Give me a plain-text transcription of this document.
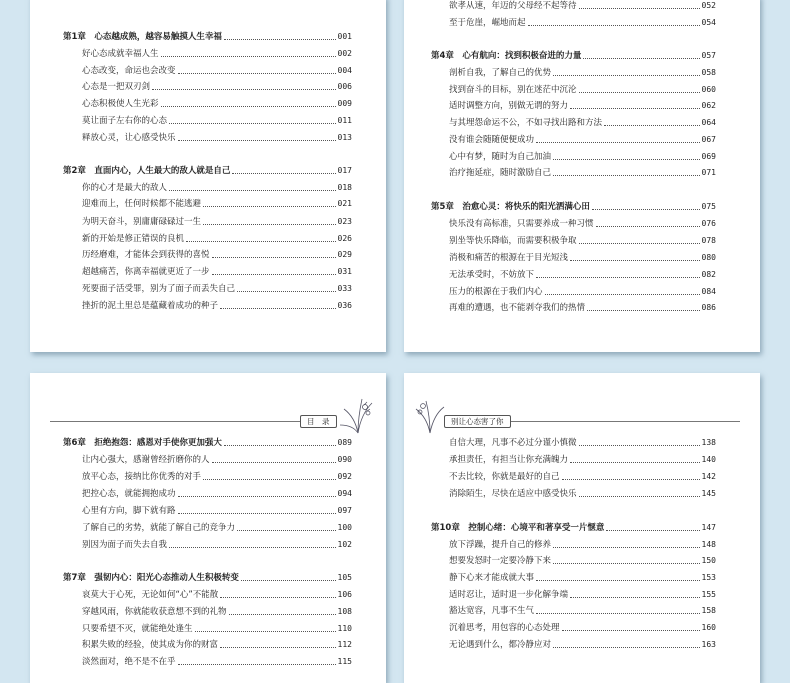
第1章　心态越成熟，越容易触摸人生幸福	001
好心态成就幸福人生	002
心态改变，命运也会改变	004
心态是一把双刃剑	006
心态积极使人生光彩	009
莫让面子左右你的心态	011
释放心灵，让心感受快乐	013
第2章　直面内心，人生最大的敌人就是自己	017
你的心才是最大的敌人	018
迎难而上，任何时候都不能逃避	021
为明天奋斗，别庸庸碌碌过一生	023
新的开始是修正错误的良机	026
历经磨难，才能体会到获得的喜悦	029
超越痛苦，你离幸福就更近了一步	031
死要面子活受罪，别为了面子而丢失自己	033
挫折的泥土里总是蕴藏着成功的种子	036
欲孝从速，年迈的父母经不起等待	052
至于危崖，崛地而起	054
第4章　心有航向：找到积极奋进的力量	057
剖析自我，了解自己的优势	058
找到奋斗的目标，别在迷茫中沉沦	060
适时调整方向，别做无谓的努力	062
与其埋怨命运不公，不如寻找出路和方法	064
没有谁会随随便便成功	067
心中有梦，随时为自己加油	069
治疗拖延症，随时激励自己	071
第5章　治愈心灵：将快乐的阳光洒满心田	075
快乐没有高标准，只需要养成一种习惯	076
别坐等快乐降临，而需要积极争取	078
消极和痛苦的根源在于目光短浅	080
无法承受时，不妨放下	082
压力的根源在于我们内心	084
再难的遭遇，也不能剥夺我们的热情	086
目　录
第6章　拒绝抱怨：感恩对手使你更加强大	089
让内心强大，感谢曾经折磨你的人	090
放平心态，接纳比你优秀的对手	092
把控心态，就能拥抱成功	094
心里有方向，脚下就有路	097
了解自己的劣势，就能了解自己的竞争力	100
别因为面子而失去自我	102
第7章　强韧内心：阳光心态推动人生积极转变	105
哀莫大于心死，无论如何“心”不能散	106
穿越风雨，你就能收获意想不到的礼物	108
只要希望不灭，就能绝处逢生	110
积累失败的经验，使其成为你的财富	112
淡然面对，绝不是不在乎	115
别让心态害了你
自信大理，凡事不必过分谨小慎微	138
承担责任，有担当让你充满魄力	140
不去比较，你就是最好的自己	142
消除陌生，尽快在适应中感受快乐	145
第10章　控制心绪：心境平和著享受一片惬意	147
放下浮躁，提升自己的修养	148
想要发怒时一定要冷静下来	150
静下心来才能成就大事	153
适时忍让，适时退一步化解争端	155
豁达宽容，凡事不生气	158
沉着思考，用包容的心态处理	160
无论遇到什么，都冷静应对	163
